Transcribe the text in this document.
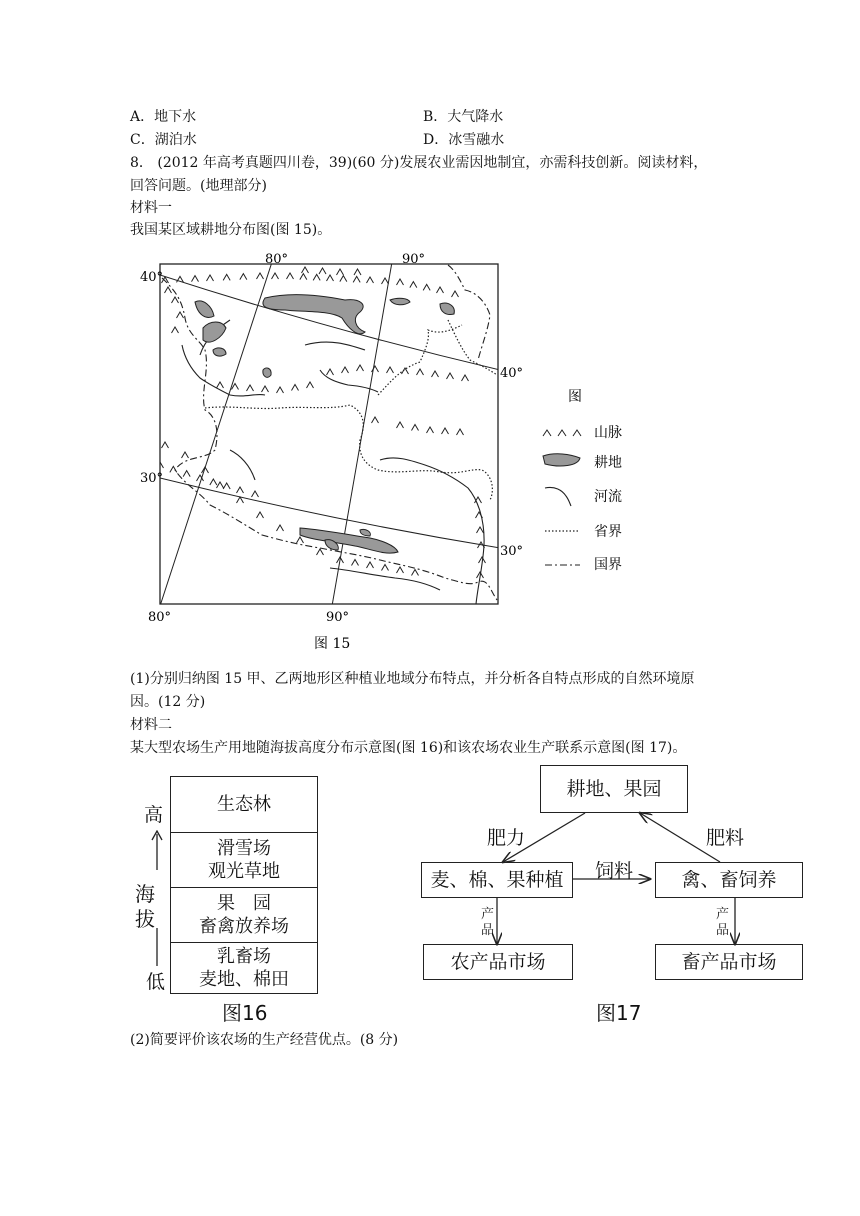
A．地下水	B．大气降水
C．湖泊水	D．冰雪融水
8． (2012 年高考真题四川卷，39)(60 分)发展农业需因地制宜，亦需科技创新。阅读材料，
回答问题。(地理部分)
材料一
我国某区域耕地分布图(图 15)。
80°	90°
40°
40°
30°
30°
80°	90°
图
山脉
耕地
河流
省界
国界
图 15
(1)分别归纳图 15 甲、乙两地形区种植业地域分布特点，并分析各自特点形成的自然环境原
因。(12 分)
材料二
某大型农场生产用地随海拔高度分布示意图(图 16)和该农场农业生产联系示意图(图 17)。
高
海
拔
低
生态林
滑雪场
观光草地
果　园
畜禽放养场
乳畜场
麦地、棉田
图16
耕地、果园
麦、棉、果种植	禽、畜饲养
农产品市场	畜产品市场
肥力	肥料
饲料
产
品
产
品
图17
(2)简要评价该农场的生产经营优点。(8 分)
